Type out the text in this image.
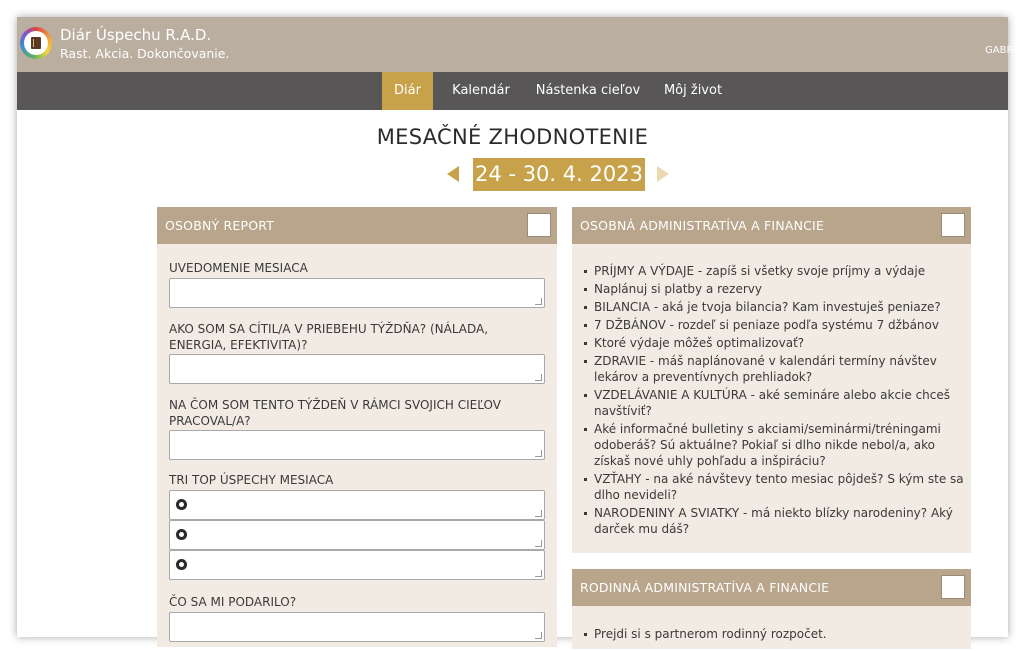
Diár Úspechu R.A.D.
Rast. Akcia. Dokončovanie.	GABRIELA
Diár	Kalendár	Nástenka cieľov	Môj život
MESAČNÉ ZHODNOTENIE
24 - 30. 4. 2023
OSOBNÝ REPORT
UVEDOMENIE MESIACA
AKO SOM SA CÍTIL/A V PRIEBEHU TÝŽDŇA? (NÁLADA, ENERGIA, EFEKTIVITA)?
NA ČOM SOM TENTO TÝŽDEŇ V RÁMCI SVOJICH CIEĽOV PRACOVAL/A?
TRI TOP ÚSPECHY MESIACA
ČO SA MI PODARILO?
OSOBNÁ ADMINISTRATÍVA A FINANCIE
PRÍJMY A VÝDAJE - zapíš si všetky svoje príjmy a výdaje
Naplánuj si platby a rezervy
BILANCIA - aká je tvoja bilancia? Kam investuješ peniaze?
7 DŽBÁNOV - rozdeľ si peniaze podľa systému 7 džbánov
Ktoré výdaje môžeš optimalizovať?
ZDRAVIE - máš naplánované v kalendári termíny návštev lekárov a preventívnych prehliadok?
VZDELÁVANIE A KULTÚRA - aké semináre alebo akcie chceš navštíviť?
Aké informačné bulletiny s akciami/seminármi/tréningami odoberáš? Sú aktuálne? Pokiaľ si dlho nikde nebol/a, ako získaš nové uhly pohľadu a inšpiráciu?
VZŤAHY - na aké návštevy tento mesiac pôjdeš? S kým ste sa dlho nevideli?
NARODENINY A SVIATKY - má niekto blízky narodeniny? Aký darček mu dáš?
RODINNÁ ADMINISTRATÍVA A FINANCIE
Prejdi si s partnerom rodinný rozpočet.
